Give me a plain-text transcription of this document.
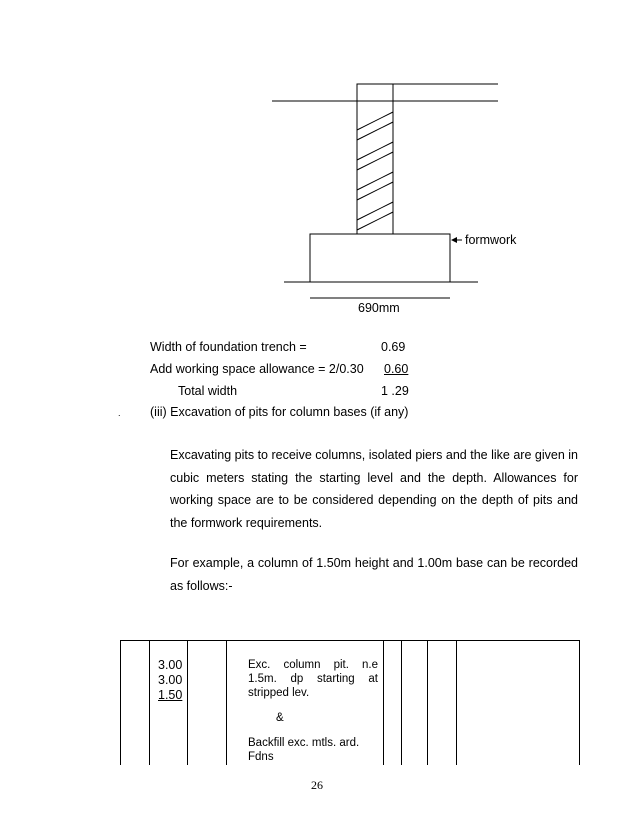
formwork
690mm
Width of foundation trench =	0.69
Add working space allowance = 2/0.30 0.60
Total width	1 .29
. (iii) Excavation of pits for column bases (if any)
Excavating pits to receive columns, isolated piers and the like are given in cubic meters stating the starting level and the depth. Allowances for working space are to be considered depending on the depth of pits and the formwork requirements.
For example, a column of 1.50m height and 1.00m base can be recorded as follows:-
3.00
3.00
1.50
Exc. column pit. n.e 1.5m. dp starting at stripped lev.
&
Backfill exc. mtls. ard. Fdns
26
